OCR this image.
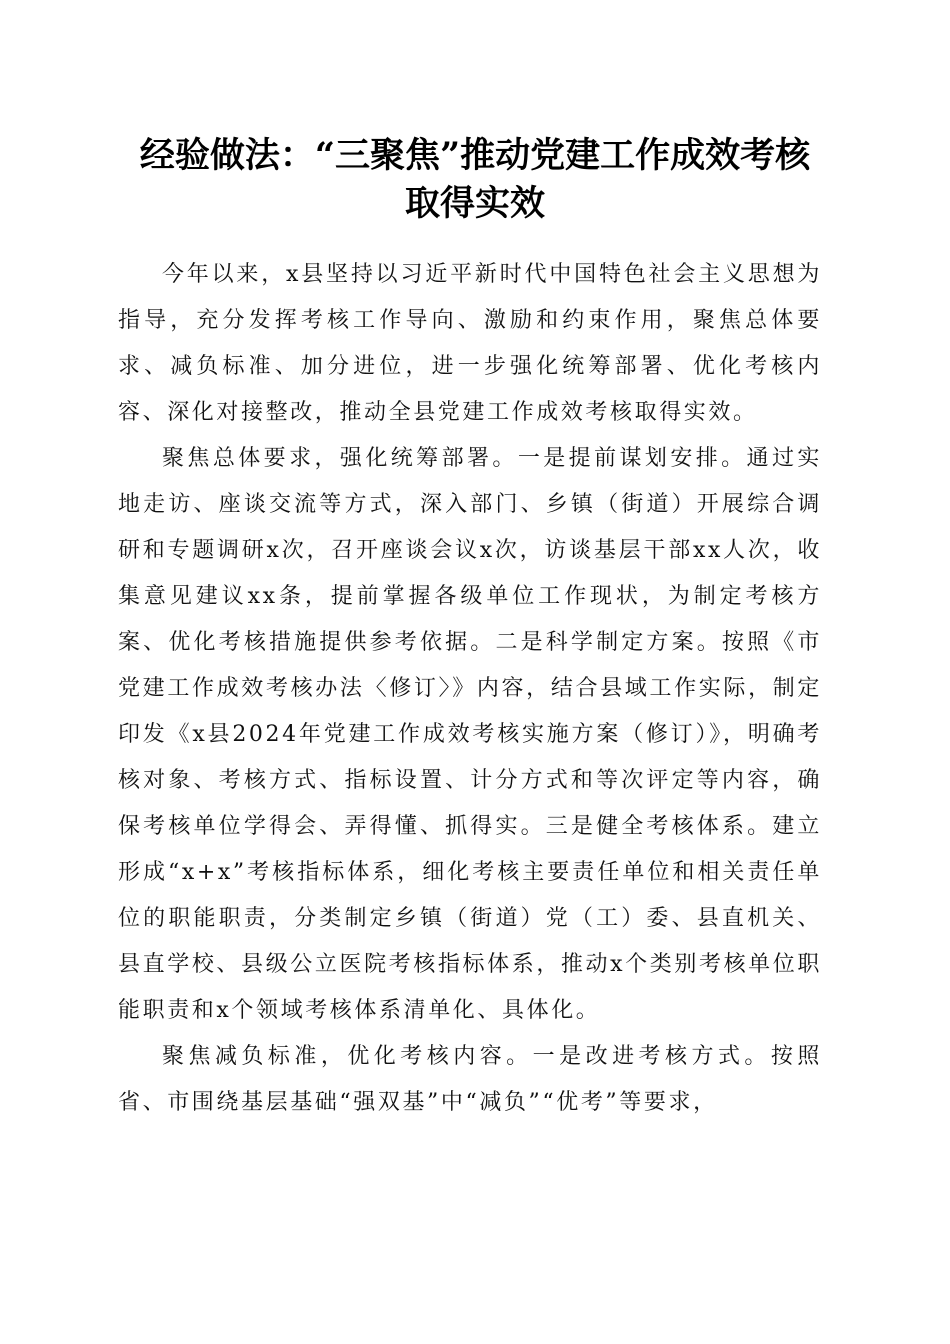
经验做法：“三聚焦”推动党建工作成效考核
取得实效

今年以来，x县坚持以习近平新时代中国特色社会主义思想为指导，充分发挥考核工作导向、激励和约束作用，聚焦总体要求、减负标准、加分进位，进一步强化统筹部署、优化考核内容、深化对接整改，推动全县党建工作成效考核取得实效。

聚焦总体要求，强化统筹部署。一是提前谋划安排。通过实地走访、座谈交流等方式，深入部门、乡镇（街道）开展综合调研和专题调研x次，召开座谈会议x次，访谈基层干部xx人次，收集意见建议xx条，提前掌握各级单位工作现状，为制定考核方案、优化考核措施提供参考依据。二是科学制定方案。按照《市党建工作成效考核办法〈修订〉》内容，结合县域工作实际，制定印发《x县2024年党建工作成效考核实施方案（修订）》，明确考核对象、考核方式、指标设置、计分方式和等次评定等内容，确保考核单位学得会、弄得懂、抓得实。三是健全考核体系。建立形成“x+x”考核指标体系，细化考核主要责任单位和相关责任单位的职能职责，分类制定乡镇（街道）党（工）委、县直机关、县直学校、县级公立医院考核指标体系，推动x个类别考核单位职能职责和x个领域考核体系清单化、具体化。

聚焦减负标准，优化考核内容。一是改进考核方式。按照省、市围绕基层基础“强双基”中“减负”“优考”等要求，
